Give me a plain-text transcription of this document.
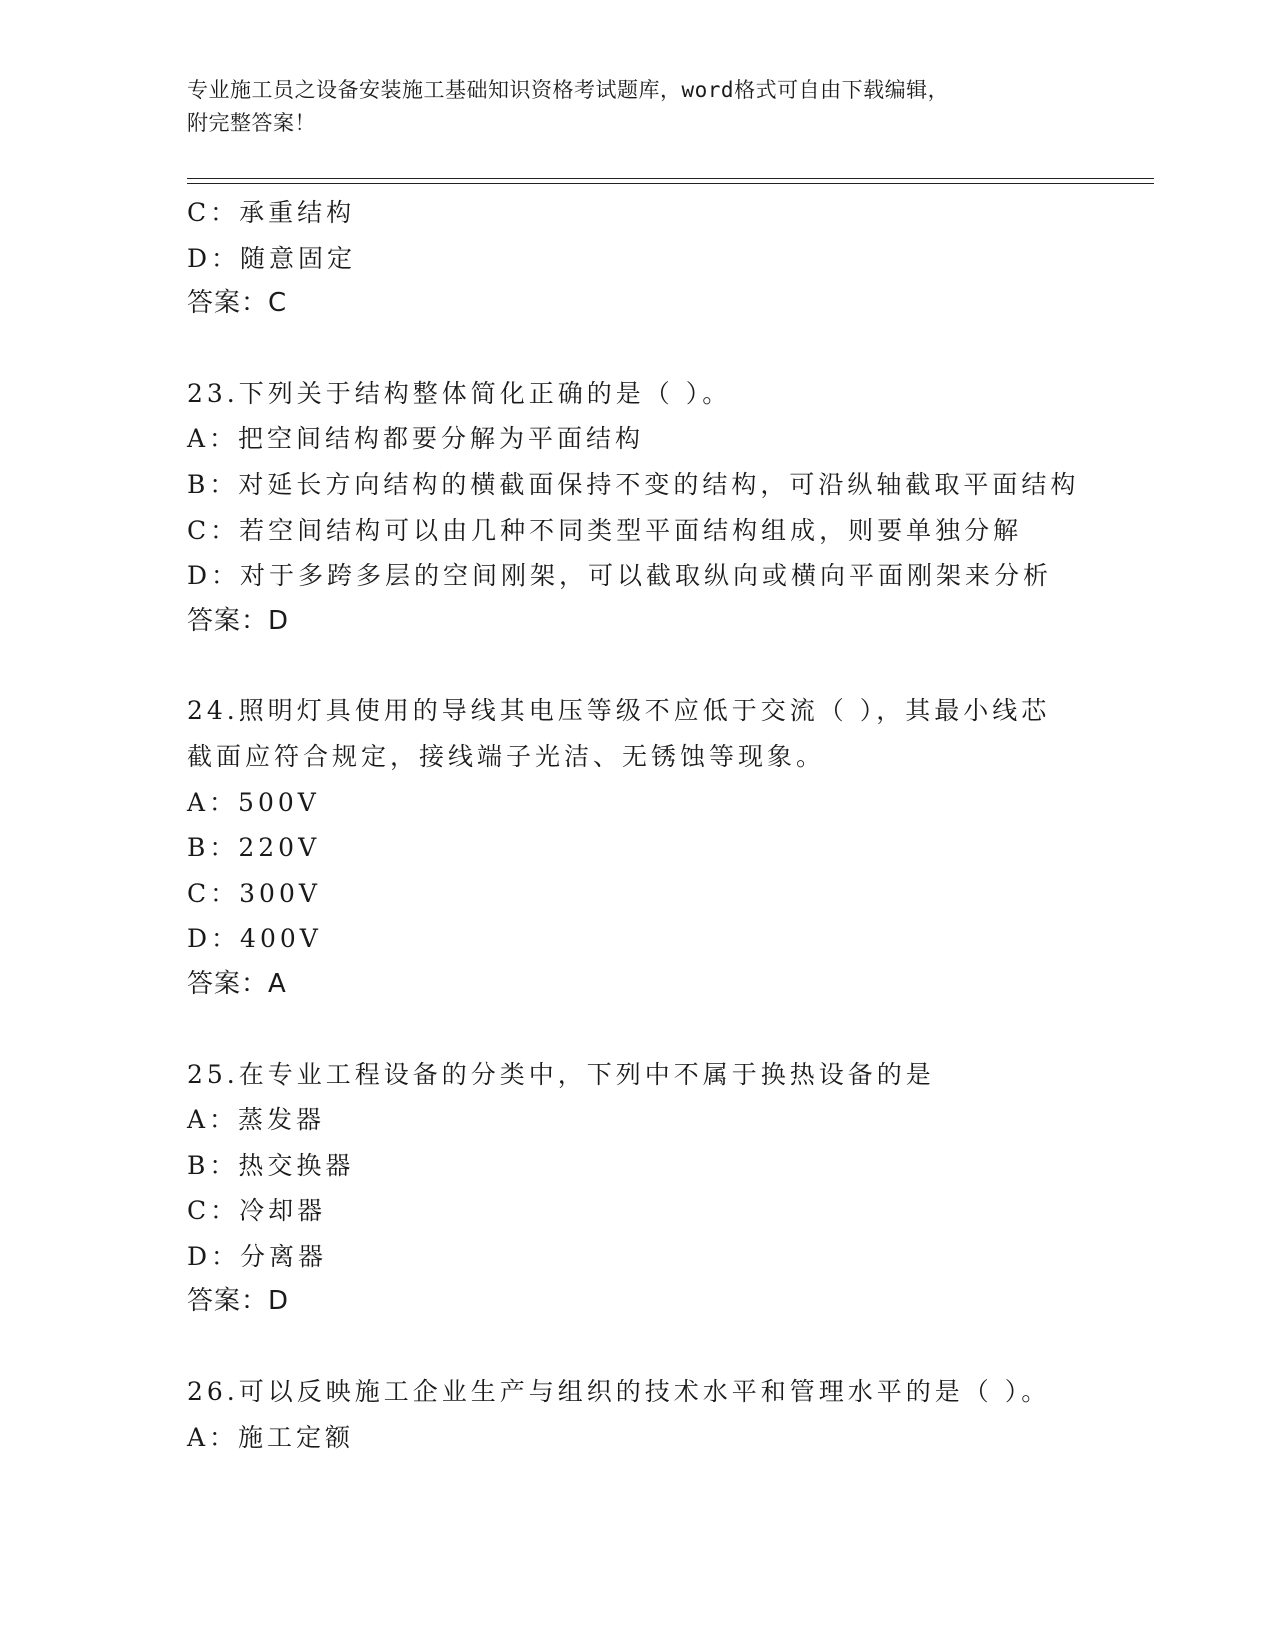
专业施工员之设备安装施工基础知识资格考试题库，word格式可自由下载编辑，
附完整答案！
C：承重结构
D：随意固定
答案：C
23.下列关于结构整体简化正确的是（ ）。
A：把空间结构都要分解为平面结构
B：对延长方向结构的横截面保持不变的结构，可沿纵轴截取平面结构
C：若空间结构可以由几种不同类型平面结构组成，则要单独分解
D：对于多跨多层的空间刚架，可以截取纵向或横向平面刚架来分析
答案：D
24.照明灯具使用的导线其电压等级不应低于交流（ ），其最小线芯
截面应符合规定，接线端子光洁、无锈蚀等现象。
A：500V
B：220V
C：300V
D：400V
答案：A
25.在专业工程设备的分类中，下列中不属于换热设备的是
A：蒸发器
B：热交换器
C：冷却器
D：分离器
答案：D
26.可以反映施工企业生产与组织的技术水平和管理水平的是（ ）。
A：施工定额
